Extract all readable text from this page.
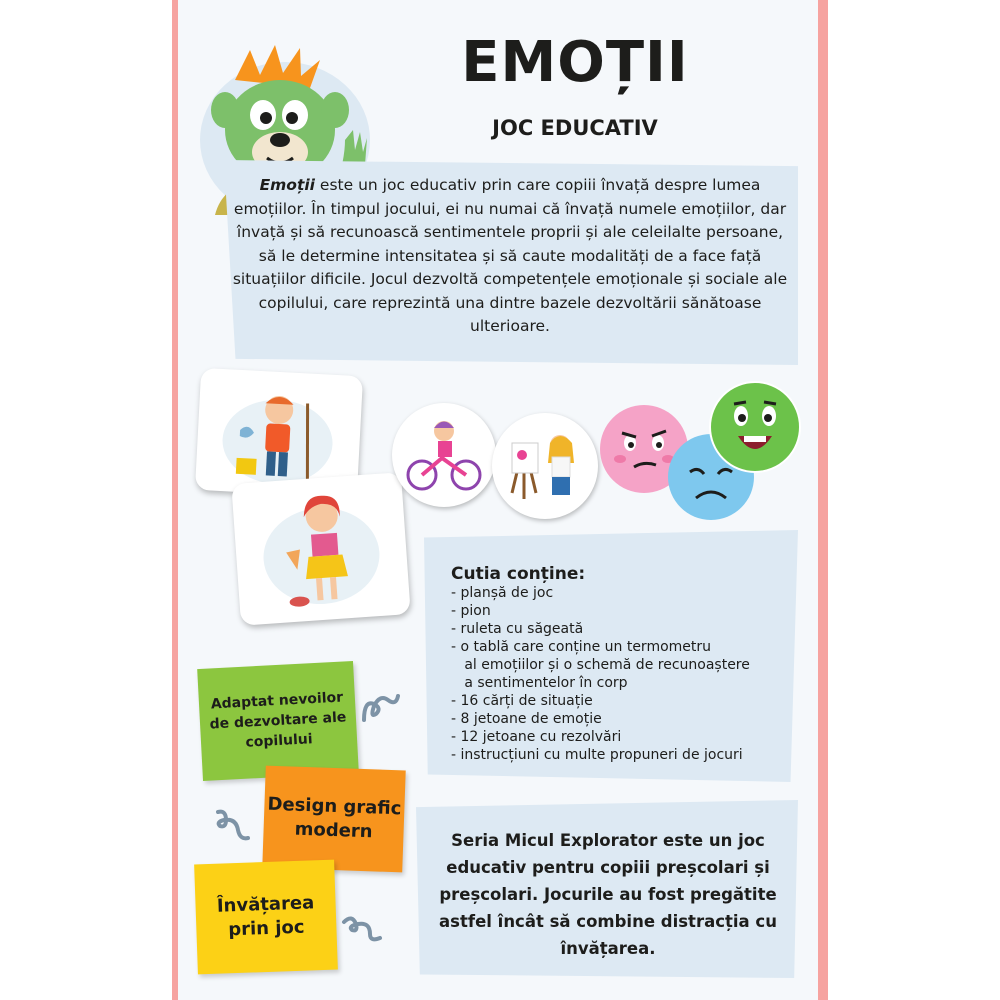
EMOȚII
JOC EDUCATIV
Emoții este un joc educativ prin care copiii învață despre lumea emoțiilor. În timpul jocului, ei nu numai că învață numele emoțiilor, dar învață și să recunoască sentimentele proprii și ale celeilalte persoane, să le determine intensitatea și să caute modalități de a face față situațiilor dificile. Jocul dezvoltă competențele emoționale și sociale ale copilului, care reprezintă una dintre bazele dezvoltării sănătoase ulterioare.
Cutia conține:
- planșă de joc
- pion
- ruleta cu săgeată
- o tablă care conține un termometru
al emoțiilor și o schemă de recunoaștere
a sentimentelor în corp
- 16 cărți de situație
- 8 jetoane de emoție
- 12 jetoane cu rezolvări
- instrucțiuni cu multe propuneri de jocuri
Adaptat nevoilor de dezvoltare ale copilului
Design grafic modern
Învățarea prin joc
Seria Micul Explorator este un joc educativ pentru copiii preșcolari și preșcolari. Jocurile au fost pregătite astfel încât să combine distracția cu învățarea.
